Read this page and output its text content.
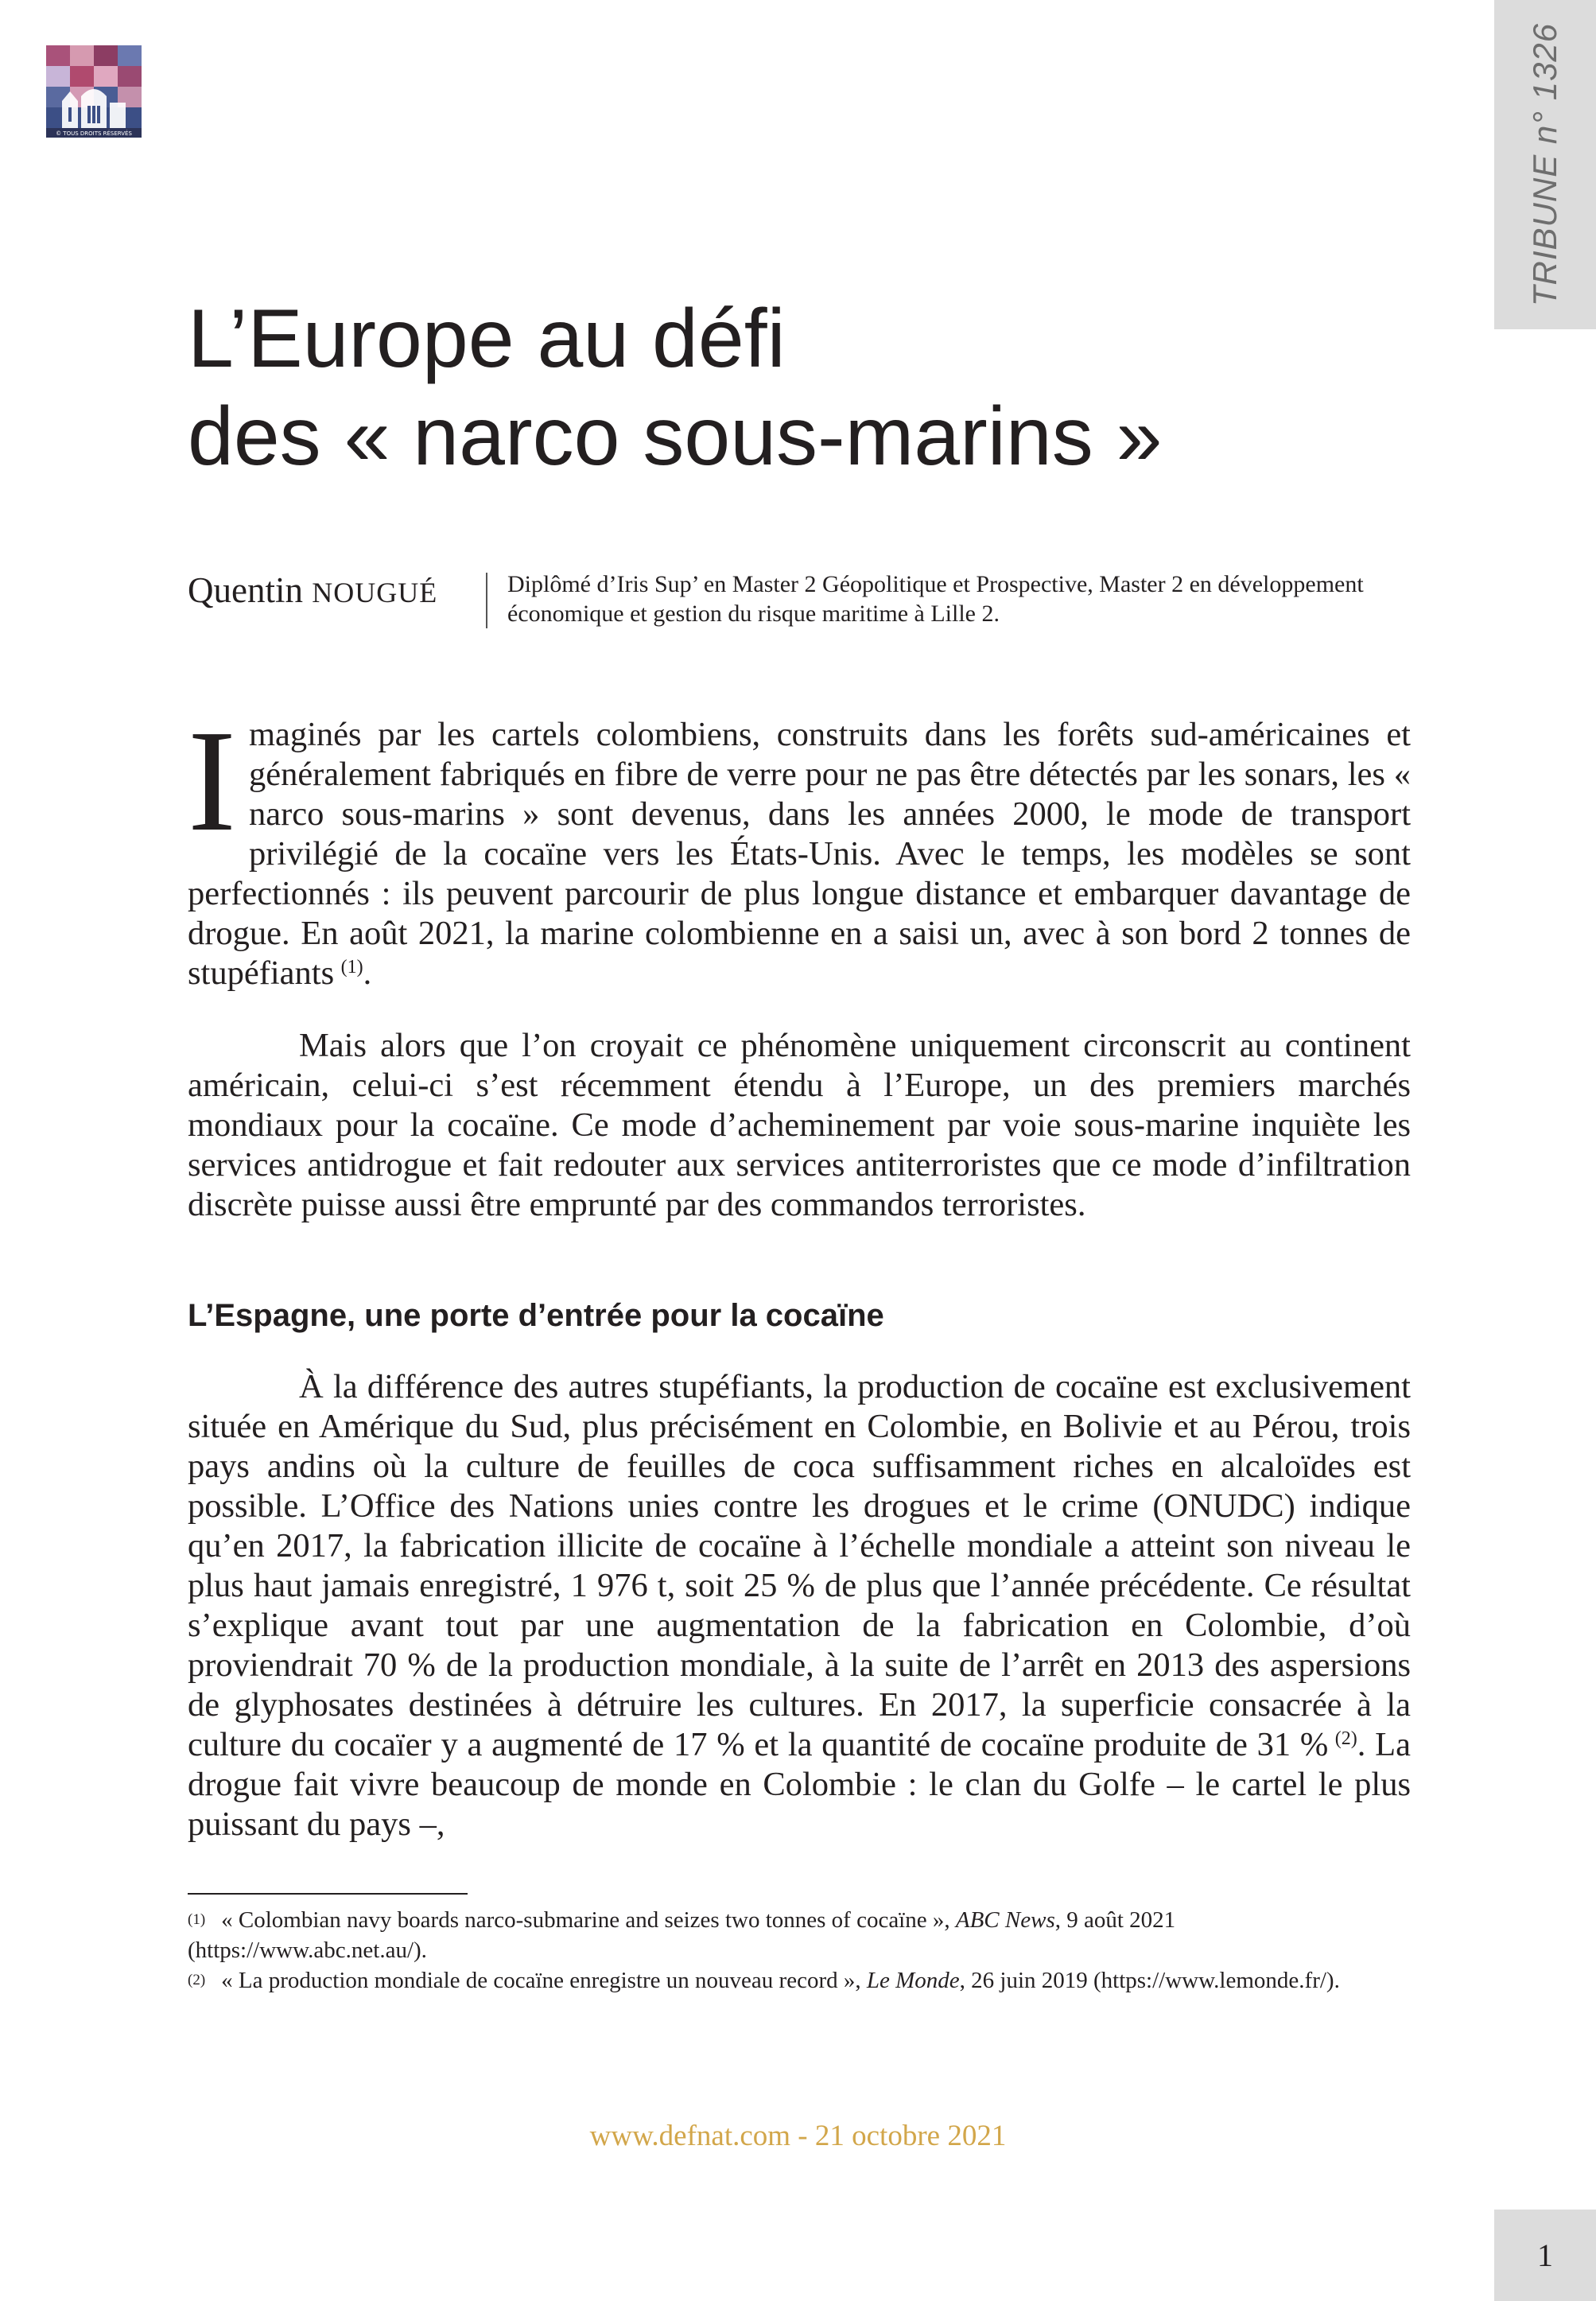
© TOUS DROITS RÉSERVÉS	TRIBUNE n° 1326
L’Europe au défi
des « narco sous-marins »
Quentin NOUGUÉ	Diplômé d’Iris Sup’ en Master 2 Géopolitique et Prospective, Master 2 en développement économique et gestion du risque maritime à Lille 2.

Imaginés par les cartels colombiens, construits dans les forêts sud-américaines et généralement fabriqués en fibre de verre pour ne pas être détectés par les sonars, les « narco sous-marins » sont devenus, dans les années 2000, le mode de transport privilégié de la cocaïne vers les États-Unis. Avec le temps, les modèles se sont perfectionnés : ils peuvent parcourir de plus longue distance et embarquer davantage de drogue. En août 2021, la marine colombienne en a saisi un, avec à son bord 2 tonnes de stupéfiants  $^{(1)}$.

Mais alors que l’on croyait ce phénomène uniquement circonscrit au continent américain, celui-ci s’est récemment étendu à l’Europe, un des premiers marchés mondiaux pour la cocaïne. Ce mode d’acheminement par voie sous-marine inquiète les services antidrogue et fait redouter aux services antiterroristes que ce mode d’infiltration discrète puisse aussi être emprunté par des commandos terroristes.

L’Espagne, une porte d’entrée pour la cocaïne

À la différence des autres stupéfiants, la production de cocaïne est exclusivement située en Amérique du Sud, plus précisément en Colombie, en Bolivie et au Pérou, trois pays andins où la culture de feuilles de coca suffisamment riches en alcaloïdes est possible. L’Office des Nations unies contre les drogues et le crime (ONUDC) indique qu’en 2017, la fabrication illicite de cocaïne à l’échelle mondiale a atteint son niveau le plus haut jamais enregistré, 1 976 t, soit 25 % de plus que l’année précédente. Ce résultat s’explique avant tout par une augmentation de la fabrication en Colombie, d’où proviendrait 70 % de la production mondiale, à la suite de l’arrêt en 2013 des aspersions de glyphosates destinées à détruire les cultures. En 2017, la superficie consacrée à la culture du cocaïer y a augmenté de 17 % et la quantité de cocaïne produite de 31 %  $^{(2)}$. La drogue fait vivre beaucoup de monde en Colombie : le clan du Golfe – le cartel le plus puissant du pays –,

$^{(1)}$ « Colombian navy boards narco-submarine and seizes two tonnes of cocaïne », ABC News, 9 août 2021 (https://www.abc.net.au/).

$^{(2)}$ « La production mondiale de cocaïne enregistre un nouveau record », Le Monde, 26 juin 2019 (https://www.lemonde.fr/).

www.defnat.com - 21 octobre 2021
1
